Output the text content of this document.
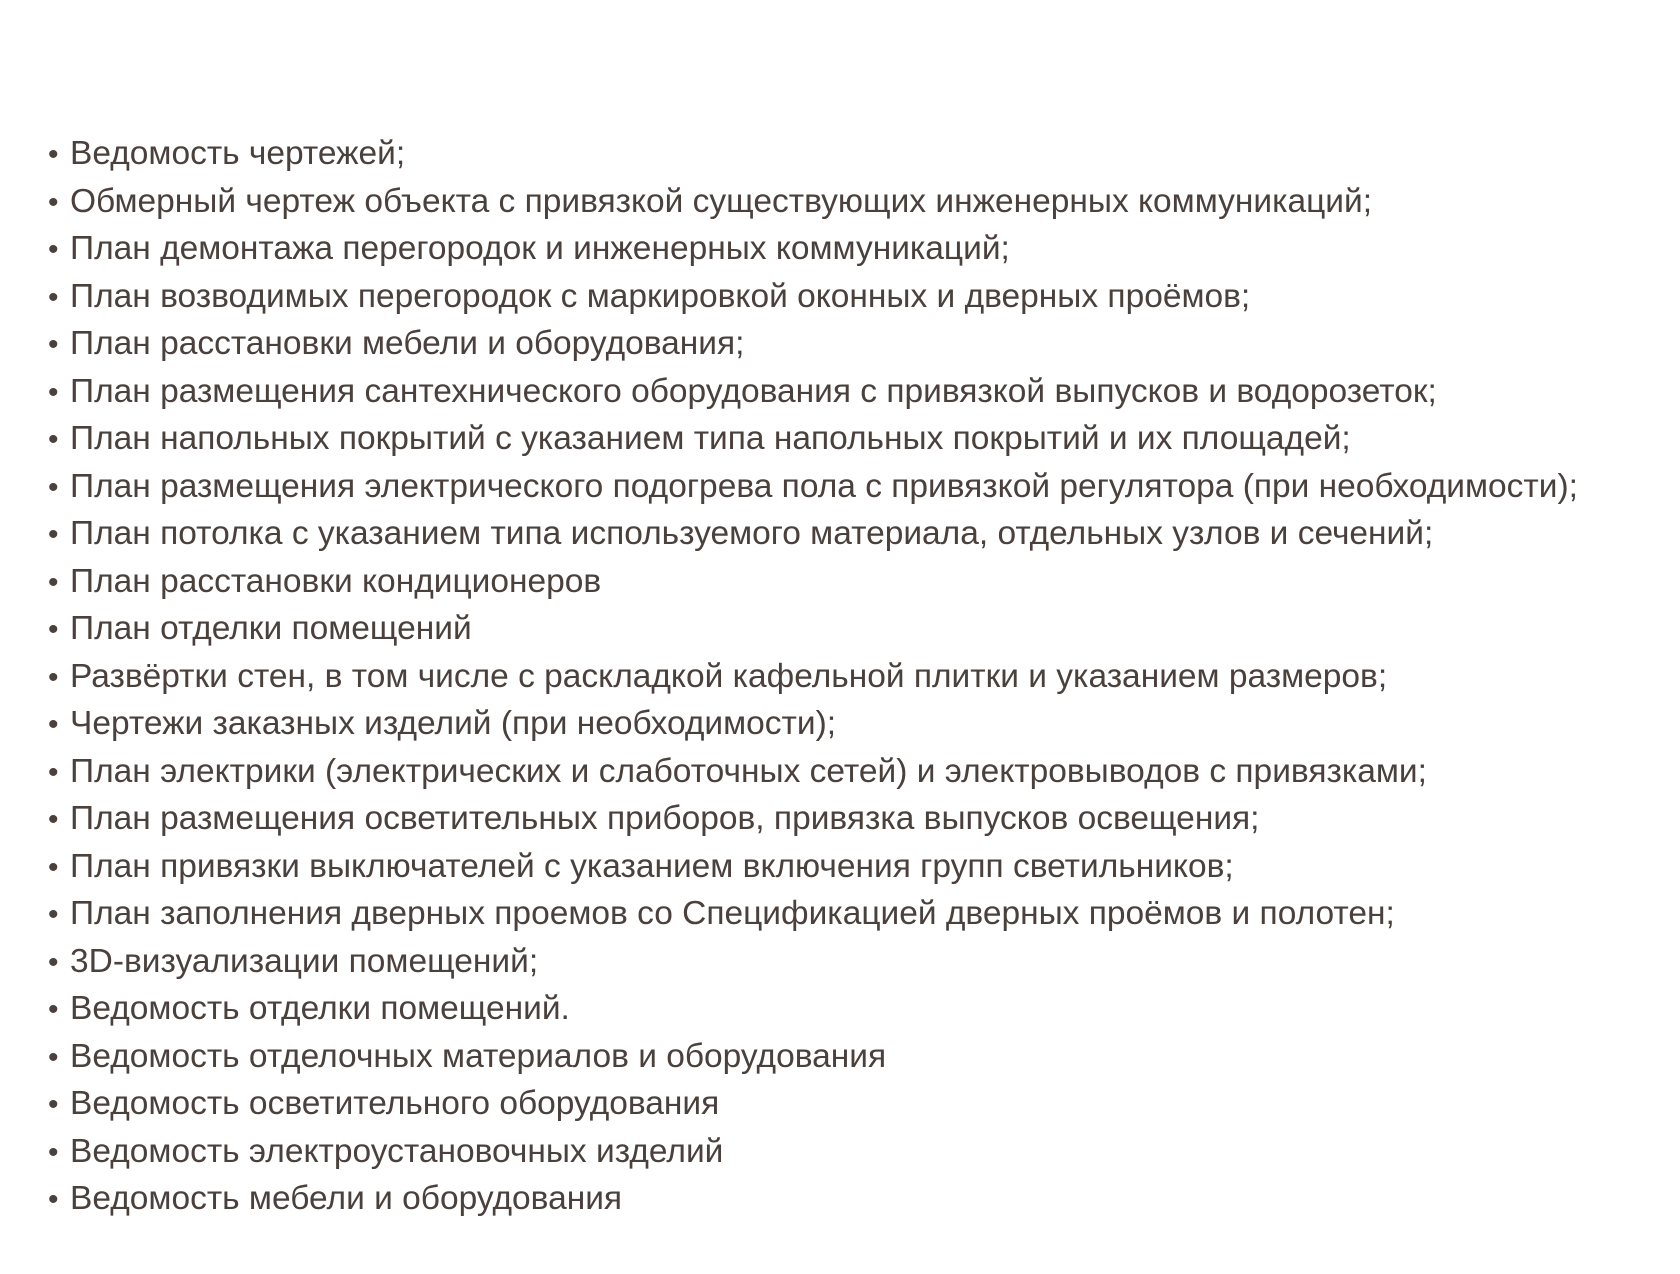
• Ведомость чертежей;
• Обмерный чертеж объекта с привязкой существующих инженерных коммуникаций;
• План демонтажа перегородок и инженерных коммуникаций;
• План возводимых перегородок с маркировкой оконных и дверных проёмов;
• План расстановки мебели и оборудования;
• План размещения сантехнического оборудования с привязкой выпусков и водорозеток;
• План напольных покрытий с указанием типа напольных покрытий и их площадей;
• План размещения электрического подогрева пола с привязкой регулятора (при необходимости);
• План потолка с указанием типа используемого материала, отдельных узлов и сечений;
• План расстановки кондиционеров
• План отделки помещений
• Развёртки стен, в том числе с раскладкой кафельной плитки и указанием размеров;
• Чертежи заказных изделий (при необходимости);
• План электрики (электрических и слаботочных сетей) и электровыводов с привязками;
• План размещения осветительных приборов, привязка выпусков освещения;
• План привязки выключателей с указанием включения групп светильников;
• План заполнения дверных проемов со Спецификацией дверных проёмов и полотен;
• 3D-визуализации помещений;
• Ведомость отделки помещений.
• Ведомость отделочных материалов и оборудования
• Ведомость осветительного оборудования
• Ведомость электроустановочных изделий
• Ведомость мебели и оборудования
